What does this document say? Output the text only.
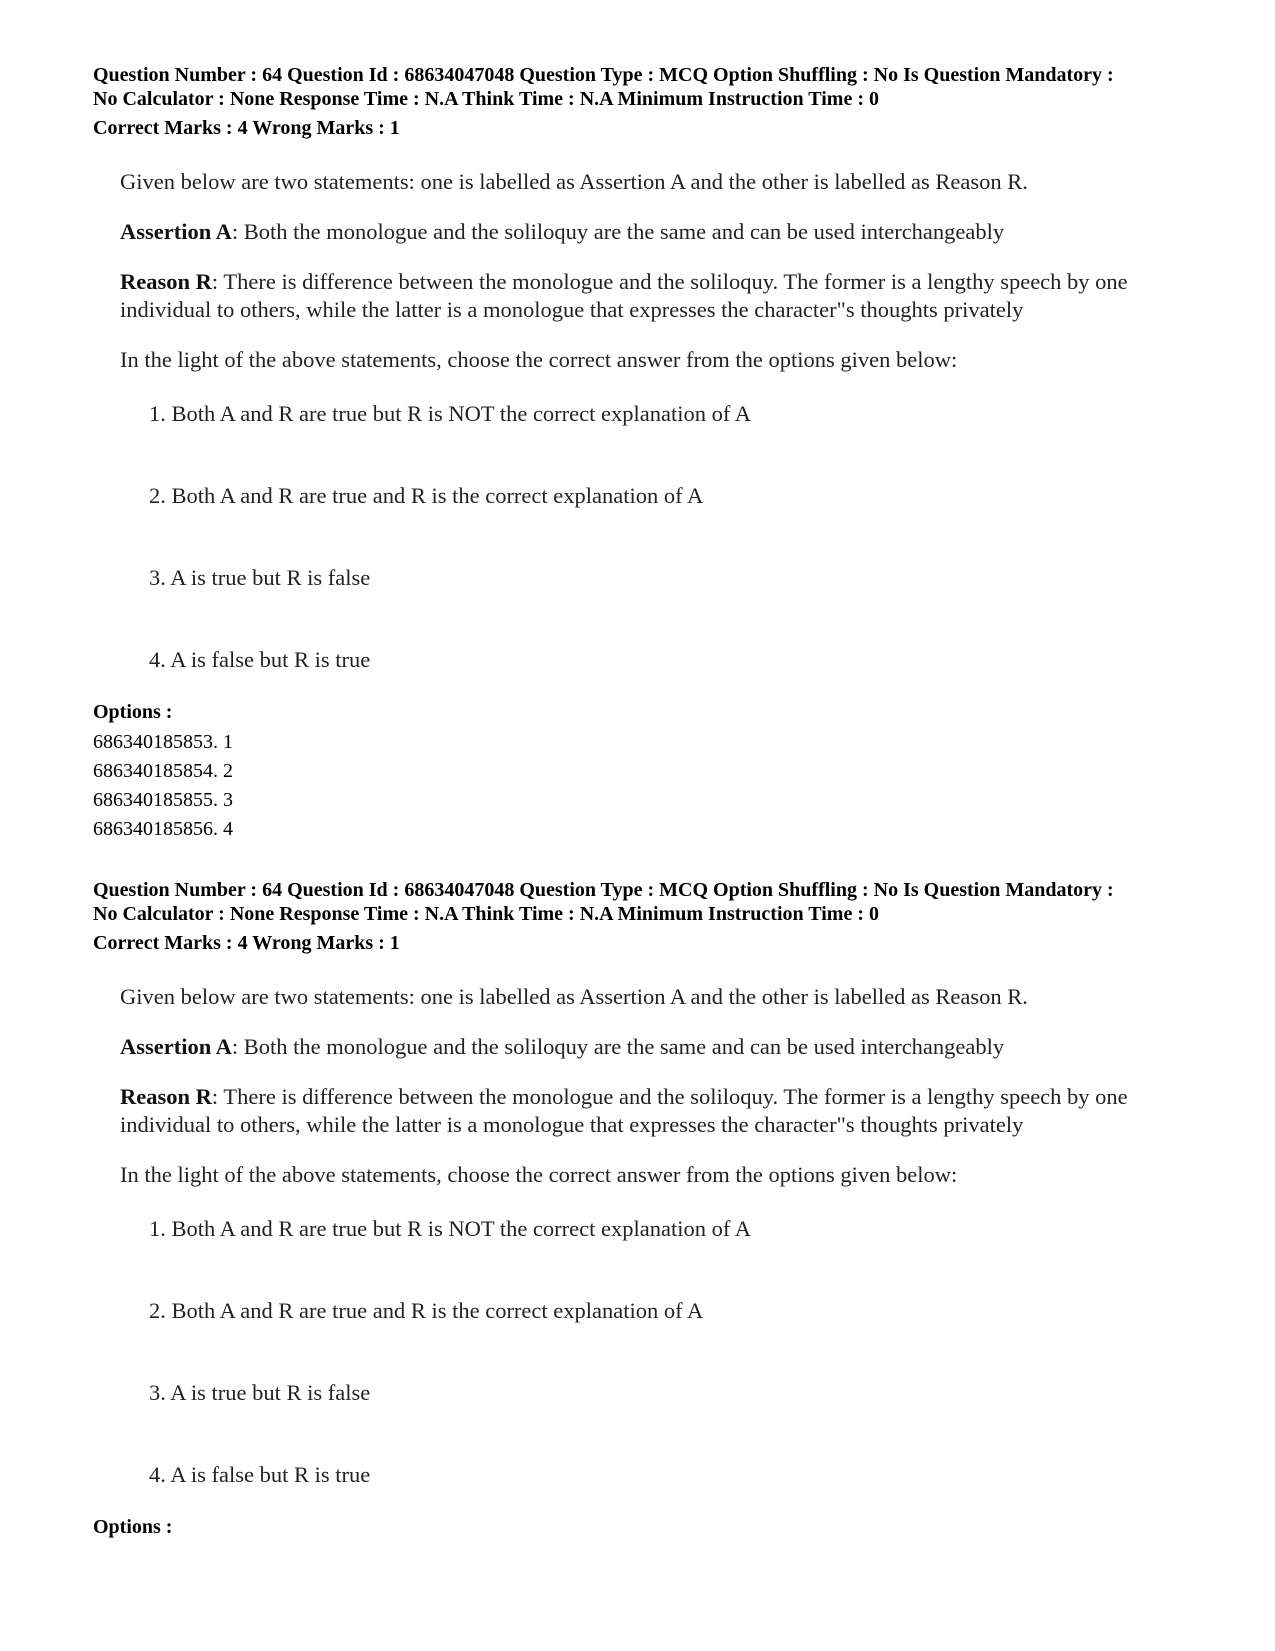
Question Number : 64 Question Id : 68634047048 Question Type : MCQ Option Shuffling : No Is Question Mandatory :
No Calculator : None Response Time : N.A Think Time : N.A Minimum Instruction Time : 0
Correct Marks : 4 Wrong Marks : 1

Given below are two statements: one is labelled as Assertion A and the other is labelled as Reason R.

Assertion A: Both the monologue and the soliloquy are the same and can be used interchangeably

Reason R: There is difference between the monologue and the soliloquy. The former is a lengthy speech by one individual to others, while the latter is a monologue that expresses the character"s thoughts privately

In the light of the above statements, choose the correct answer from the options given below:

1. Both A and R are true but R is NOT the correct explanation of A
2. Both A and R are true and R is the correct explanation of A
3. A is true but R is false
4. A is false but R is true
Options :
686340185853. 1
686340185854. 2
686340185855. 3
686340185856. 4
Question Number : 64 Question Id : 68634047048 Question Type : MCQ Option Shuffling : No Is Question Mandatory :
No Calculator : None Response Time : N.A Think Time : N.A Minimum Instruction Time : 0
Correct Marks : 4 Wrong Marks : 1

Given below are two statements: one is labelled as Assertion A and the other is labelled as Reason R.

Assertion A: Both the monologue and the soliloquy are the same and can be used interchangeably

Reason R: There is difference between the monologue and the soliloquy. The former is a lengthy speech by one individual to others, while the latter is a monologue that expresses the character"s thoughts privately

In the light of the above statements, choose the correct answer from the options given below:

1. Both A and R are true but R is NOT the correct explanation of A
2. Both A and R are true and R is the correct explanation of A
3. A is true but R is false
4. A is false but R is true
Options :
